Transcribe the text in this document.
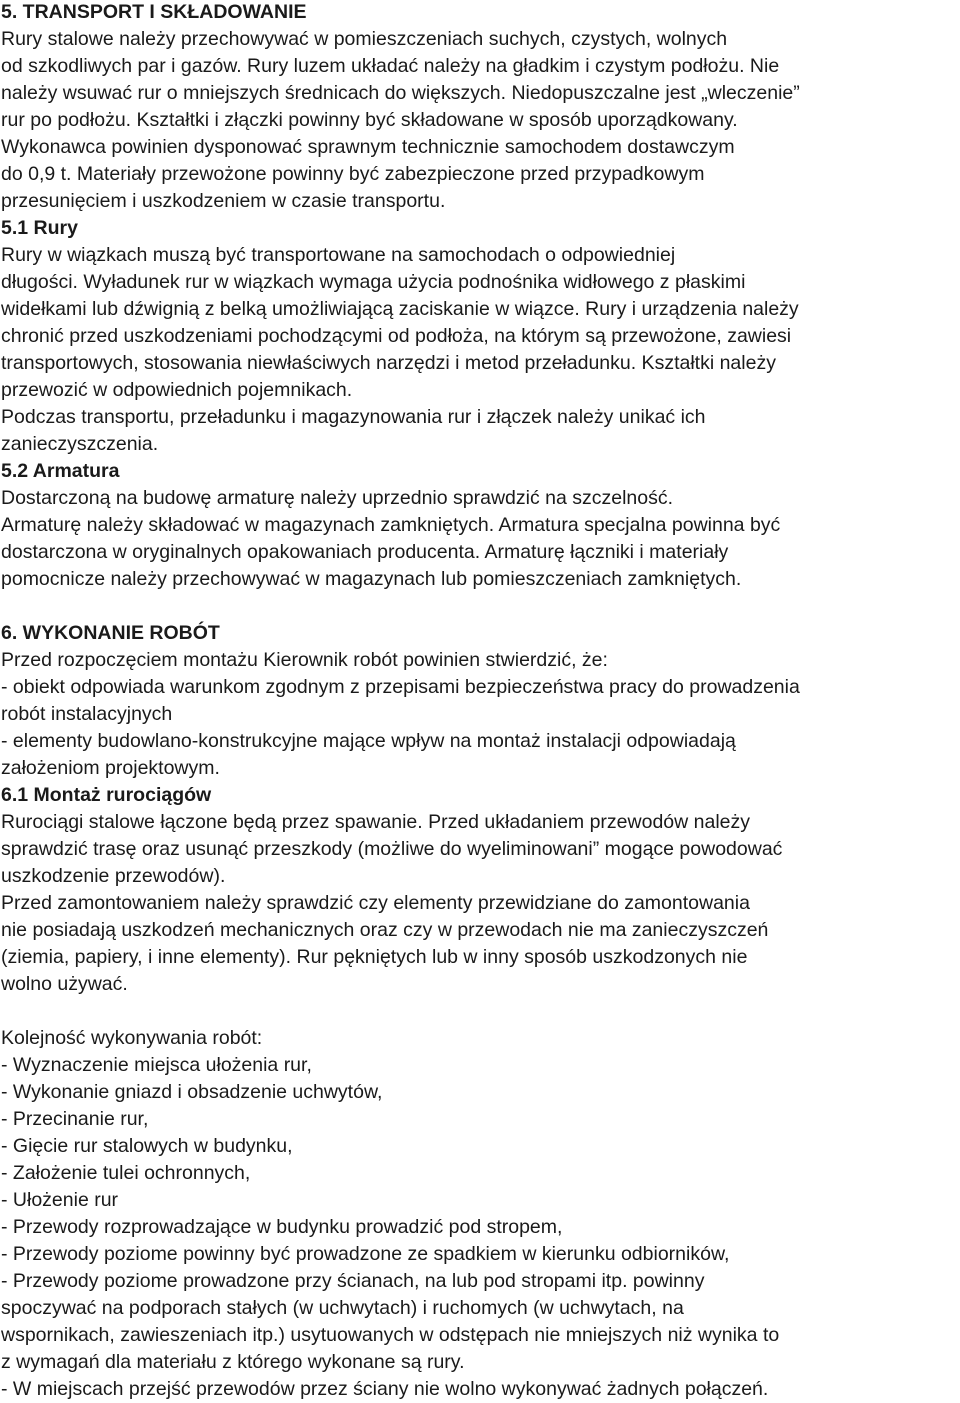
5. TRANSPORT I SKŁADOWANIE
Rury stalowe należy przechowywać w pomieszczeniach suchych, czystych, wolnych
od szkodliwych par i gazów. Rury luzem układać należy na gładkim i czystym podłożu. Nie
należy wsuwać rur o mniejszych średnicach do większych. Niedopuszczalne jest „wleczenie”
rur po podłożu. Kształtki i złączki powinny być składowane w sposób uporządkowany.
Wykonawca powinien dysponować sprawnym technicznie samochodem dostawczym
do 0,9 t. Materiały przewożone powinny być zabezpieczone przed przypadkowym
przesunięciem i uszkodzeniem w czasie transportu.
5.1 Rury
Rury w wiązkach muszą być transportowane na samochodach o odpowiedniej
długości. Wyładunek rur w wiązkach wymaga użycia podnośnika widłowego z płaskimi
widełkami lub dźwignią z belką umożliwiającą zaciskanie w wiązce. Rury i urządzenia należy
chronić przed uszkodzeniami pochodzącymi od podłoża, na którym są przewożone, zawiesi
transportowych, stosowania niewłaściwych narzędzi i metod przeładunku. Kształtki należy
przewozić w odpowiednich pojemnikach.
Podczas transportu, przeładunku i magazynowania rur i złączek należy unikać ich
zanieczyszczenia.
5.2 Armatura
Dostarczoną na budowę armaturę należy uprzednio sprawdzić na szczelność.
Armaturę należy składować w magazynach zamkniętych. Armatura specjalna powinna być
dostarczona w oryginalnych opakowaniach producenta. Armaturę łączniki i materiały
pomocnicze należy przechowywać w magazynach lub pomieszczeniach zamkniętych.
6. WYKONANIE ROBÓT
Przed rozpoczęciem montażu Kierownik robót powinien stwierdzić, że:
- obiekt odpowiada warunkom zgodnym z przepisami bezpieczeństwa pracy do prowadzenia
robót instalacyjnych
- elementy budowlano-konstrukcyjne mające wpływ na montaż instalacji odpowiadają
założeniom projektowym.
6.1 Montaż rurociągów
Rurociągi stalowe łączone będą przez spawanie. Przed układaniem przewodów należy
sprawdzić trasę oraz usunąć przeszkody (możliwe do wyeliminowani” mogące powodować
uszkodzenie przewodów).
Przed zamontowaniem należy sprawdzić czy elementy przewidziane do zamontowania
nie posiadają uszkodzeń mechanicznych oraz czy w przewodach nie ma zanieczyszczeń
(ziemia, papiery, i inne elementy). Rur pękniętych lub w inny sposób uszkodzonych nie
wolno używać.
Kolejność wykonywania robót:
- Wyznaczenie miejsca ułożenia rur,
- Wykonanie gniazd i obsadzenie uchwytów,
- Przecinanie rur,
- Gięcie rur stalowych w budynku,
- Założenie tulei ochronnych,
- Ułożenie rur
- Przewody rozprowadzające w budynku prowadzić pod stropem,
- Przewody poziome powinny być prowadzone ze spadkiem w kierunku odbiorników,
- Przewody poziome prowadzone przy ścianach, na lub pod stropami itp. powinny
spoczywać na podporach stałych (w uchwytach) i ruchomych (w uchwytach, na
wspornikach, zawieszeniach itp.) usytuowanych w odstępach nie mniejszych niż wynika to
z wymagań dla materiału z którego wykonane są rury.
- W miejscach przejść przewodów przez ściany nie wolno wykonywać żadnych połączeń.
